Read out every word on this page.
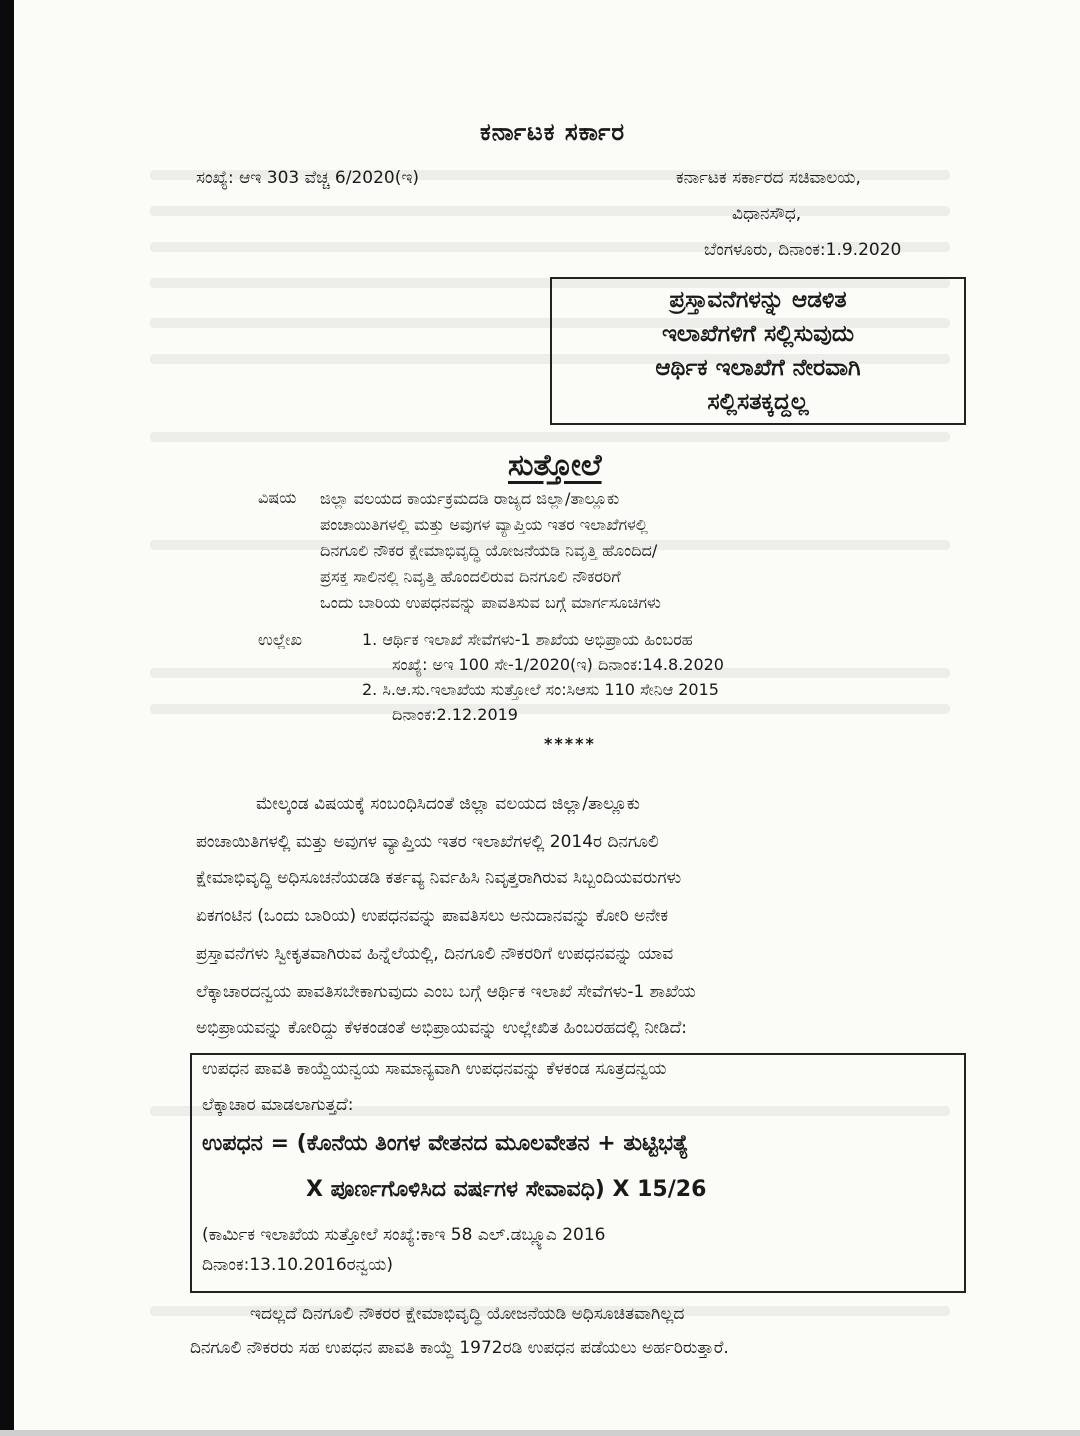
ಕರ್ನಾಟಕ ಸರ್ಕಾರ
ಸಂಖ್ಯೆ: ಆಇ 303 ವೆಚ್ಚ 6/2020(ಇ)	ಕರ್ನಾಟಕ ಸರ್ಕಾರದ ಸಚಿವಾಲಯ,
ವಿಧಾನಸೌಧ,
ಬೆಂಗಳೂರು, ದಿನಾಂಕ:1.9.2020
ಪ್ರಸ್ತಾವನೆಗಳನ್ನು ಆಡಳಿತ
ಇಲಾಖೆಗಳಿಗೆ ಸಲ್ಲಿಸುವುದು
ಆರ್ಥಿಕ ಇಲಾಖೆಗೆ ನೇರವಾಗಿ
ಸಲ್ಲಿಸತಕ್ಕದ್ದಲ್ಲ
ಸುತ್ತೋಲೆ
ವಿಷಯ ಜಿಲ್ಲಾ ವಲಯದ ಕಾರ್ಯಕ್ರಮದಡಿ ರಾಜ್ಯದ ಜಿಲ್ಲಾ/ತಾಲ್ಲೂಕು
ಪಂಚಾಯಿತಿಗಳಲ್ಲಿ ಮತ್ತು ಅವುಗಳ ವ್ಯಾಪ್ತಿಯ ಇತರ ಇಲಾಖೆಗಳಲ್ಲಿ
ದಿನಗೂಲಿ ನೌಕರ ಕ್ಷೇಮಾಭಿವೃದ್ಧಿ ಯೋಜನೆಯಡಿ ನಿವೃತ್ತಿ ಹೊಂದಿದ/
ಪ್ರಸಕ್ತ ಸಾಲಿನಲ್ಲಿ ನಿವೃತ್ತಿ ಹೊಂದಲಿರುವ ದಿನಗೂಲಿ ನೌಕರರಿಗೆ
ಒಂದು ಬಾರಿಯ ಉಪಧನವನ್ನು ಪಾವತಿಸುವ ಬಗ್ಗೆ ಮಾರ್ಗಸೂಚಿಗಳು
ಉಲ್ಲೇಖ	1. ಆರ್ಥಿಕ ಇಲಾಖೆ ಸೇವೆಗಳು-1 ಶಾಖೆಯ ಅಭಿಪ್ರಾಯ ಹಿಂಬರಹ
ಸಂಖ್ಯೆ: ಅಇ 100 ಸೇ-1/2020(ಇ) ದಿನಾಂಕ:14.8.2020
2. ಸಿ.ಆ.ಸು.ಇಲಾಖೆಯ ಸುತ್ತೋಲೆ ಸಂ:ಸಿಆಸು 110 ಸೇನಿಆ 2015
ದಿನಾಂಕ:2.12.2019
*****
ಮೇಲ್ಕಂಡ ವಿಷಯಕ್ಕೆ ಸಂಬಂಧಿಸಿದಂತೆ ಜಿಲ್ಲಾ ವಲಯದ ಜಿಲ್ಲಾ/ತಾಲ್ಲೂಕು
ಪಂಚಾಯಿತಿಗಳಲ್ಲಿ ಮತ್ತು ಅವುಗಳ ವ್ಯಾಪ್ತಿಯ ಇತರ ಇಲಾಖೆಗಳಲ್ಲಿ 2014ರ ದಿನಗೂಲಿ
ಕ್ಷೇಮಾಭಿವೃದ್ಧಿ ಅಧಿಸೂಚನೆಯಡಡಿ ಕರ್ತವ್ಯ ನಿರ್ವಹಿಸಿ ನಿವೃತ್ತರಾಗಿರುವ ಸಿಬ್ಬಂದಿಯವರುಗಳು
ಏಕಗಂಟಿನ (ಒಂದು ಬಾರಿಯ) ಉಪಧನವನ್ನು ಪಾವತಿಸಲು ಅನುದಾನವನ್ನು ಕೋರಿ ಅನೇಕ
ಪ್ರಸ್ತಾವನೆಗಳು ಸ್ವೀಕೃತವಾಗಿರುವ ಹಿನ್ನೆಲೆಯಲ್ಲಿ, ದಿನಗೂಲಿ ನೌಕರರಿಗೆ ಉಪಧನವನ್ನು ಯಾವ
ಲೆಕ್ಕಾಚಾರದನ್ವಯ ಪಾವತಿಸಬೇಕಾಗುವುದು ಎಂಬ ಬಗ್ಗೆ ಆರ್ಥಿಕ ಇಲಾಖೆ ಸೇವೆಗಳು-1 ಶಾಖೆಯ
ಅಭಿಪ್ರಾಯವನ್ನು ಕೋರಿದ್ದು ಕೆಳಕಂಡಂತೆ ಅಭಿಪ್ರಾಯವನ್ನು ಉಲ್ಲೇಖಿತ ಹಿಂಬರಹದಲ್ಲಿ ನೀಡಿದೆ:
ಉಪಧನ ಪಾವತಿ ಕಾಯ್ದೆಯನ್ವಯ ಸಾಮಾನ್ಯವಾಗಿ ಉಪಧನವನ್ನು ಕೆಳಕಂಡ ಸೂತ್ರದನ್ವಯ
ಲೆಕ್ಕಾಚಾರ ಮಾಡಲಾಗುತ್ತದೆ:
ಉಪಧನ = (ಕೊನೆಯ ತಿಂಗಳ ವೇತನದ ಮೂಲವೇತನ + ತುಟ್ಟಿಭತ್ಯೆ
X ಪೂರ್ಣಗೊಳಿಸಿದ ವರ್ಷಗಳ ಸೇವಾವಧಿ) X 15/26
(ಕಾರ್ಮಿಕ ಇಲಾಖೆಯ ಸುತ್ತೋಲೆ ಸಂಖ್ಯೆ:ಕಾಇ 58 ಎಲ್.ಡಬ್ಲ್ಯೂಎ 2016
ದಿನಾಂಕ:13.10.2016ರನ್ವಯ)
ಇದಲ್ಲದೆ ದಿನಗೂಲಿ ನೌಕರರ ಕ್ಷೇಮಾಭಿವೃದ್ಧಿ ಯೋಜನೆಯಡಿ ಅಧಿಸೂಚಿತವಾಗಿಲ್ಲದ
ದಿನಗೂಲಿ ನೌಕರರು ಸಹ ಉಪಧನ ಪಾವತಿ ಕಾಯ್ದೆ 1972ರಡಿ ಉಪಧನ ಪಡೆಯಲು ಅರ್ಹರಿರುತ್ತಾರೆ.
